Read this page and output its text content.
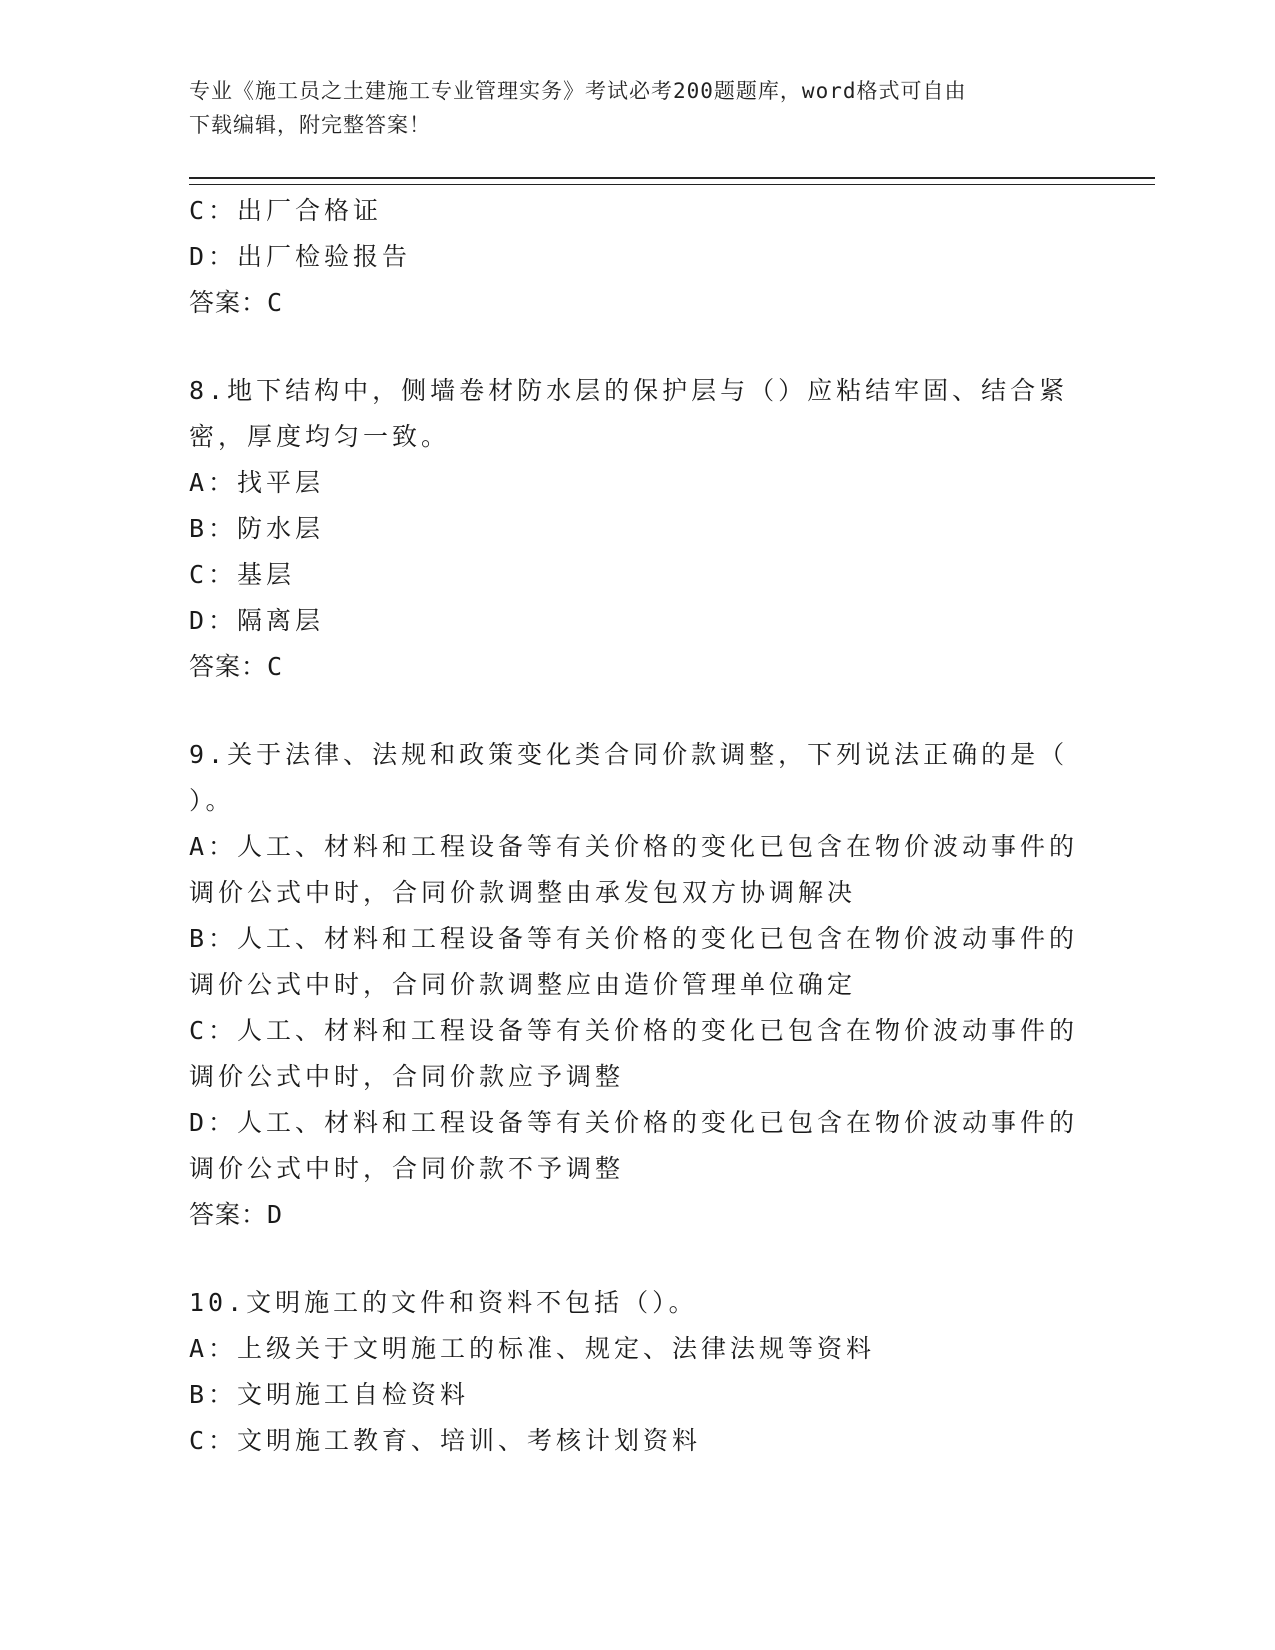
专业《施工员之土建施工专业管理实务》考试必考200题题库，word格式可自由
下载编辑，附完整答案！
C：出厂合格证
D：出厂检验报告
答案：C
8.地下结构中，侧墙卷材防水层的保护层与（）应粘结牢固、结合紧
密，厚度均匀一致。
A：找平层
B：防水层
C：基层
D：隔离层
答案：C
9.关于法律、法规和政策变化类合同价款调整，下列说法正确的是（
）。
A：人工、材料和工程设备等有关价格的变化已包含在物价波动事件的
调价公式中时，合同价款调整由承发包双方协调解决
B：人工、材料和工程设备等有关价格的变化已包含在物价波动事件的
调价公式中时，合同价款调整应由造价管理单位确定
C：人工、材料和工程设备等有关价格的变化已包含在物价波动事件的
调价公式中时，合同价款应予调整
D：人工、材料和工程设备等有关价格的变化已包含在物价波动事件的
调价公式中时，合同价款不予调整
答案：D
10.文明施工的文件和资料不包括（）。
A：上级关于文明施工的标准、规定、法律法规等资料
B：文明施工自检资料
C：文明施工教育、培训、考核计划资料
